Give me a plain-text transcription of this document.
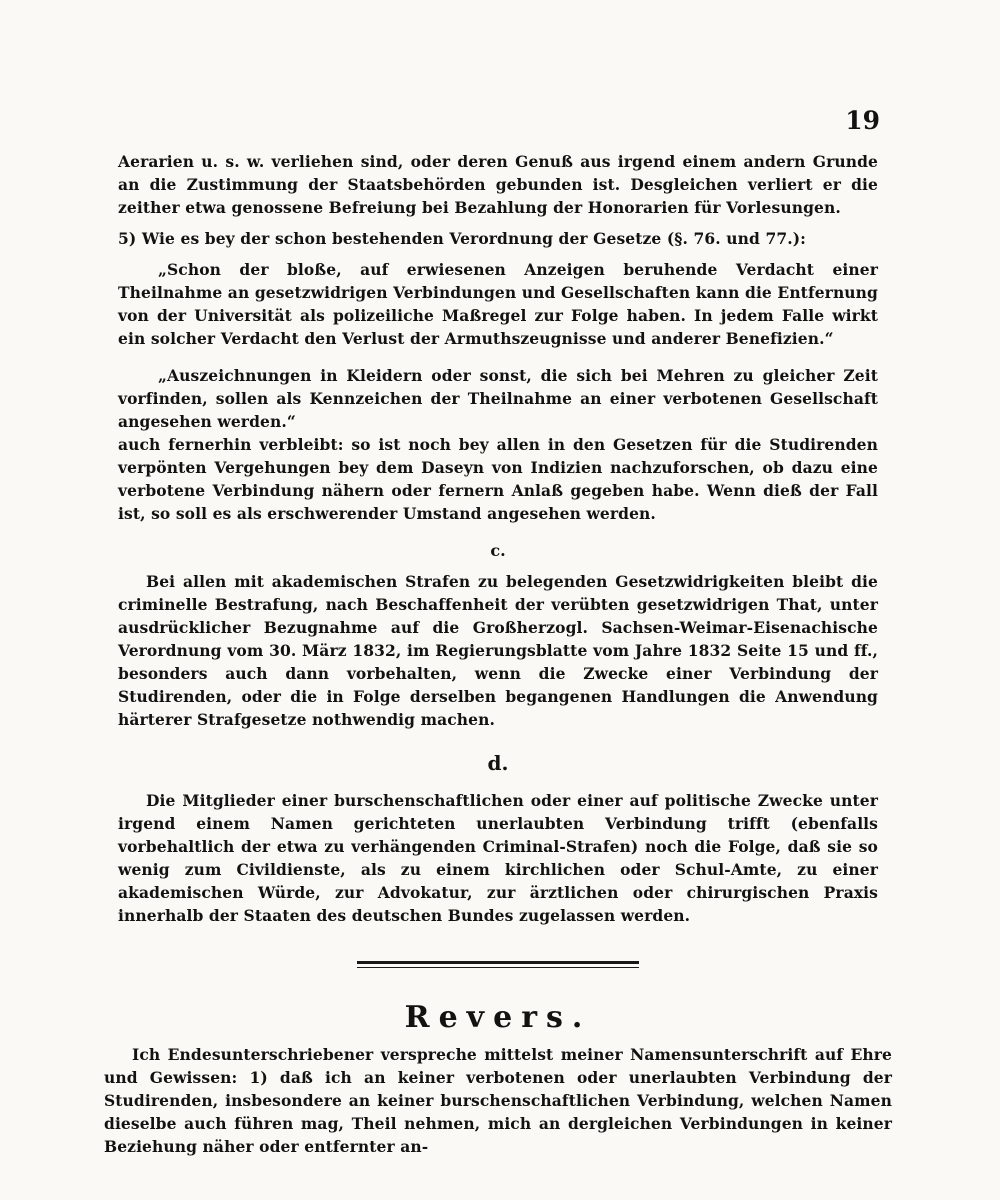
19

Aerarien u. s. w. verliehen sind, oder deren Genuß aus irgend einem andern Grunde an die Zustimmung der Staatsbehörden gebunden ist. Desgleichen verliert er die zeither etwa genossene Befreiung bei Bezahlung der Honorarien für Vorlesungen.

5) Wie es bey der schon bestehenden Verordnung der Gesetze (§. 76. und 77.):

„Schon der bloße, auf erwiesenen Anzeigen beruhende Verdacht einer Theilnahme an gesetzwidrigen Verbindungen und Gesellschaften kann die Entfernung von der Universität als polizeiliche Maßregel zur Folge haben. In jedem Falle wirkt ein solcher Verdacht den Verlust der Armuthszeugnisse und anderer Benefizien.“

„Auszeichnungen in Kleidern oder sonst, die sich bei Mehren zu gleicher Zeit vorfinden, sollen als Kennzeichen der Theilnahme an einer verbotenen Gesellschaft angesehen werden.“

auch fernerhin verbleibt: so ist noch bey allen in den Gesetzen für die Studirenden verpönten Vergehungen bey dem Daseyn von Indizien nachzuforschen, ob dazu eine verbotene Verbindung nähern oder fernern Anlaß gegeben habe. Wenn dieß der Fall ist, so soll es als erschwerender Umstand angesehen werden.

c.

Bei allen mit akademischen Strafen zu belegenden Gesetzwidrigkeiten bleibt die criminelle Bestrafung, nach Beschaffenheit der verübten gesetzwidrigen That, unter ausdrücklicher Bezugnahme auf die Großherzogl. Sachsen-Weimar-Eisenachische Verordnung vom 30. März 1832, im Regierungsblatte vom Jahre 1832 Seite 15 und ff., besonders auch dann vorbehalten, wenn die Zwecke einer Verbindung der Studirenden, oder die in Folge derselben begangenen Handlungen die Anwendung härterer Strafgesetze nothwendig machen.

d.

Die Mitglieder einer burschenschaftlichen oder einer auf politische Zwecke unter irgend einem Namen gerichteten unerlaubten Verbindung trifft (ebenfalls vorbehaltlich der etwa zu verhängenden Criminal-Strafen) noch die Folge, daß sie so wenig zum Civildienste, als zu einem kirchlichen oder Schul-Amte, zu einer akademischen Würde, zur Advokatur, zur ärztlichen oder chirurgischen Praxis innerhalb der Staaten des deutschen Bundes zugelassen werden.

Revers.

Ich Endesunterschriebener verspreche mittelst meiner Namensunterschrift auf Ehre und Gewissen: 1) daß ich an keiner verbotenen oder unerlaubten Verbindung der Studirenden, insbesondere an keiner burschenschaftlichen Verbindung, welchen Namen dieselbe auch führen mag, Theil nehmen, mich an dergleichen Verbindungen in keiner Beziehung näher oder entfernter an-
